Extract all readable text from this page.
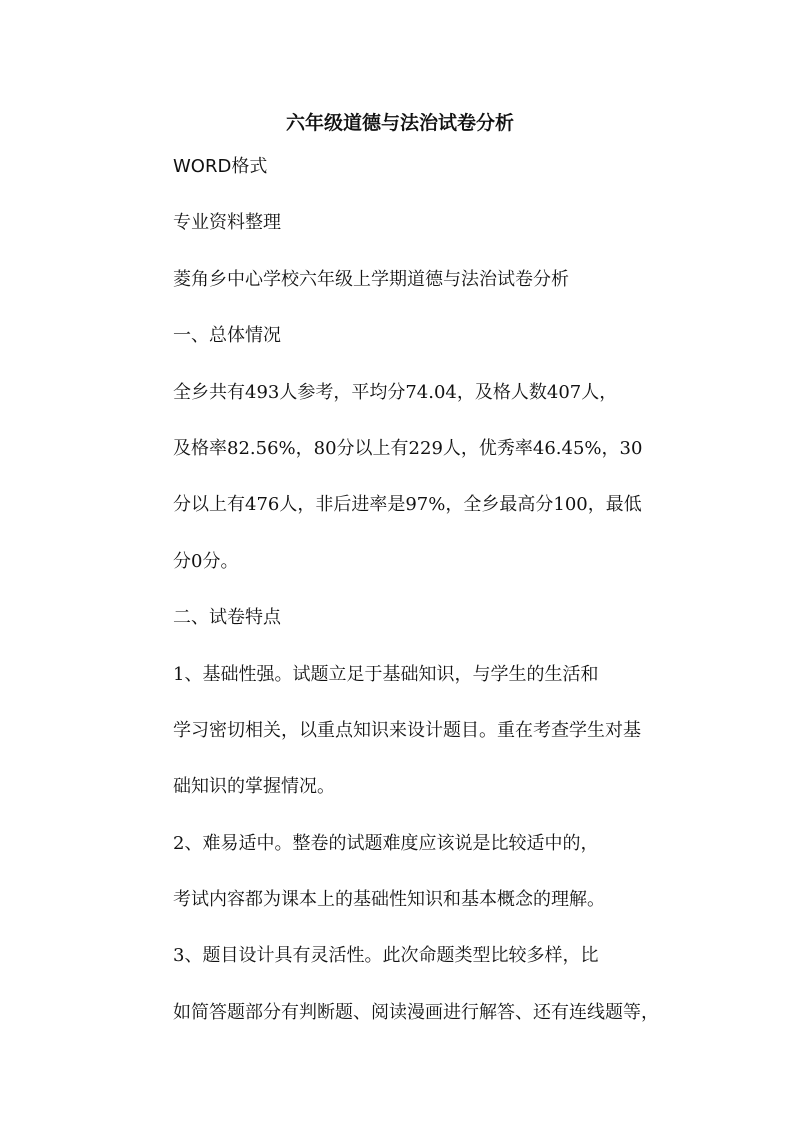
六年级道德与法治试卷分析

WORD格式

专业资料整理

菱角乡中心学校六年级上学期道德与法治试卷分析

一、总体情况

全乡共有493人参考，平均分74.04，及格人数407人，

及格率82.56%，80分以上有229人，优秀率46.45%，30

分以上有476人，非后进率是97%，全乡最高分100，最低

分0分。

二、试卷特点

1、基础性强。试题立足于基础知识，与学生的生活和

学习密切相关，以重点知识来设计题目。重在考查学生对基

础知识的掌握情况。

2、难易适中。整卷的试题难度应该说是比较适中的，

考试内容都为课本上的基础性知识和基本概念的理解。

3、题目设计具有灵活性。此次命题类型比较多样，比

如简答题部分有判断题、阅读漫画进行解答、还有连线题等，
